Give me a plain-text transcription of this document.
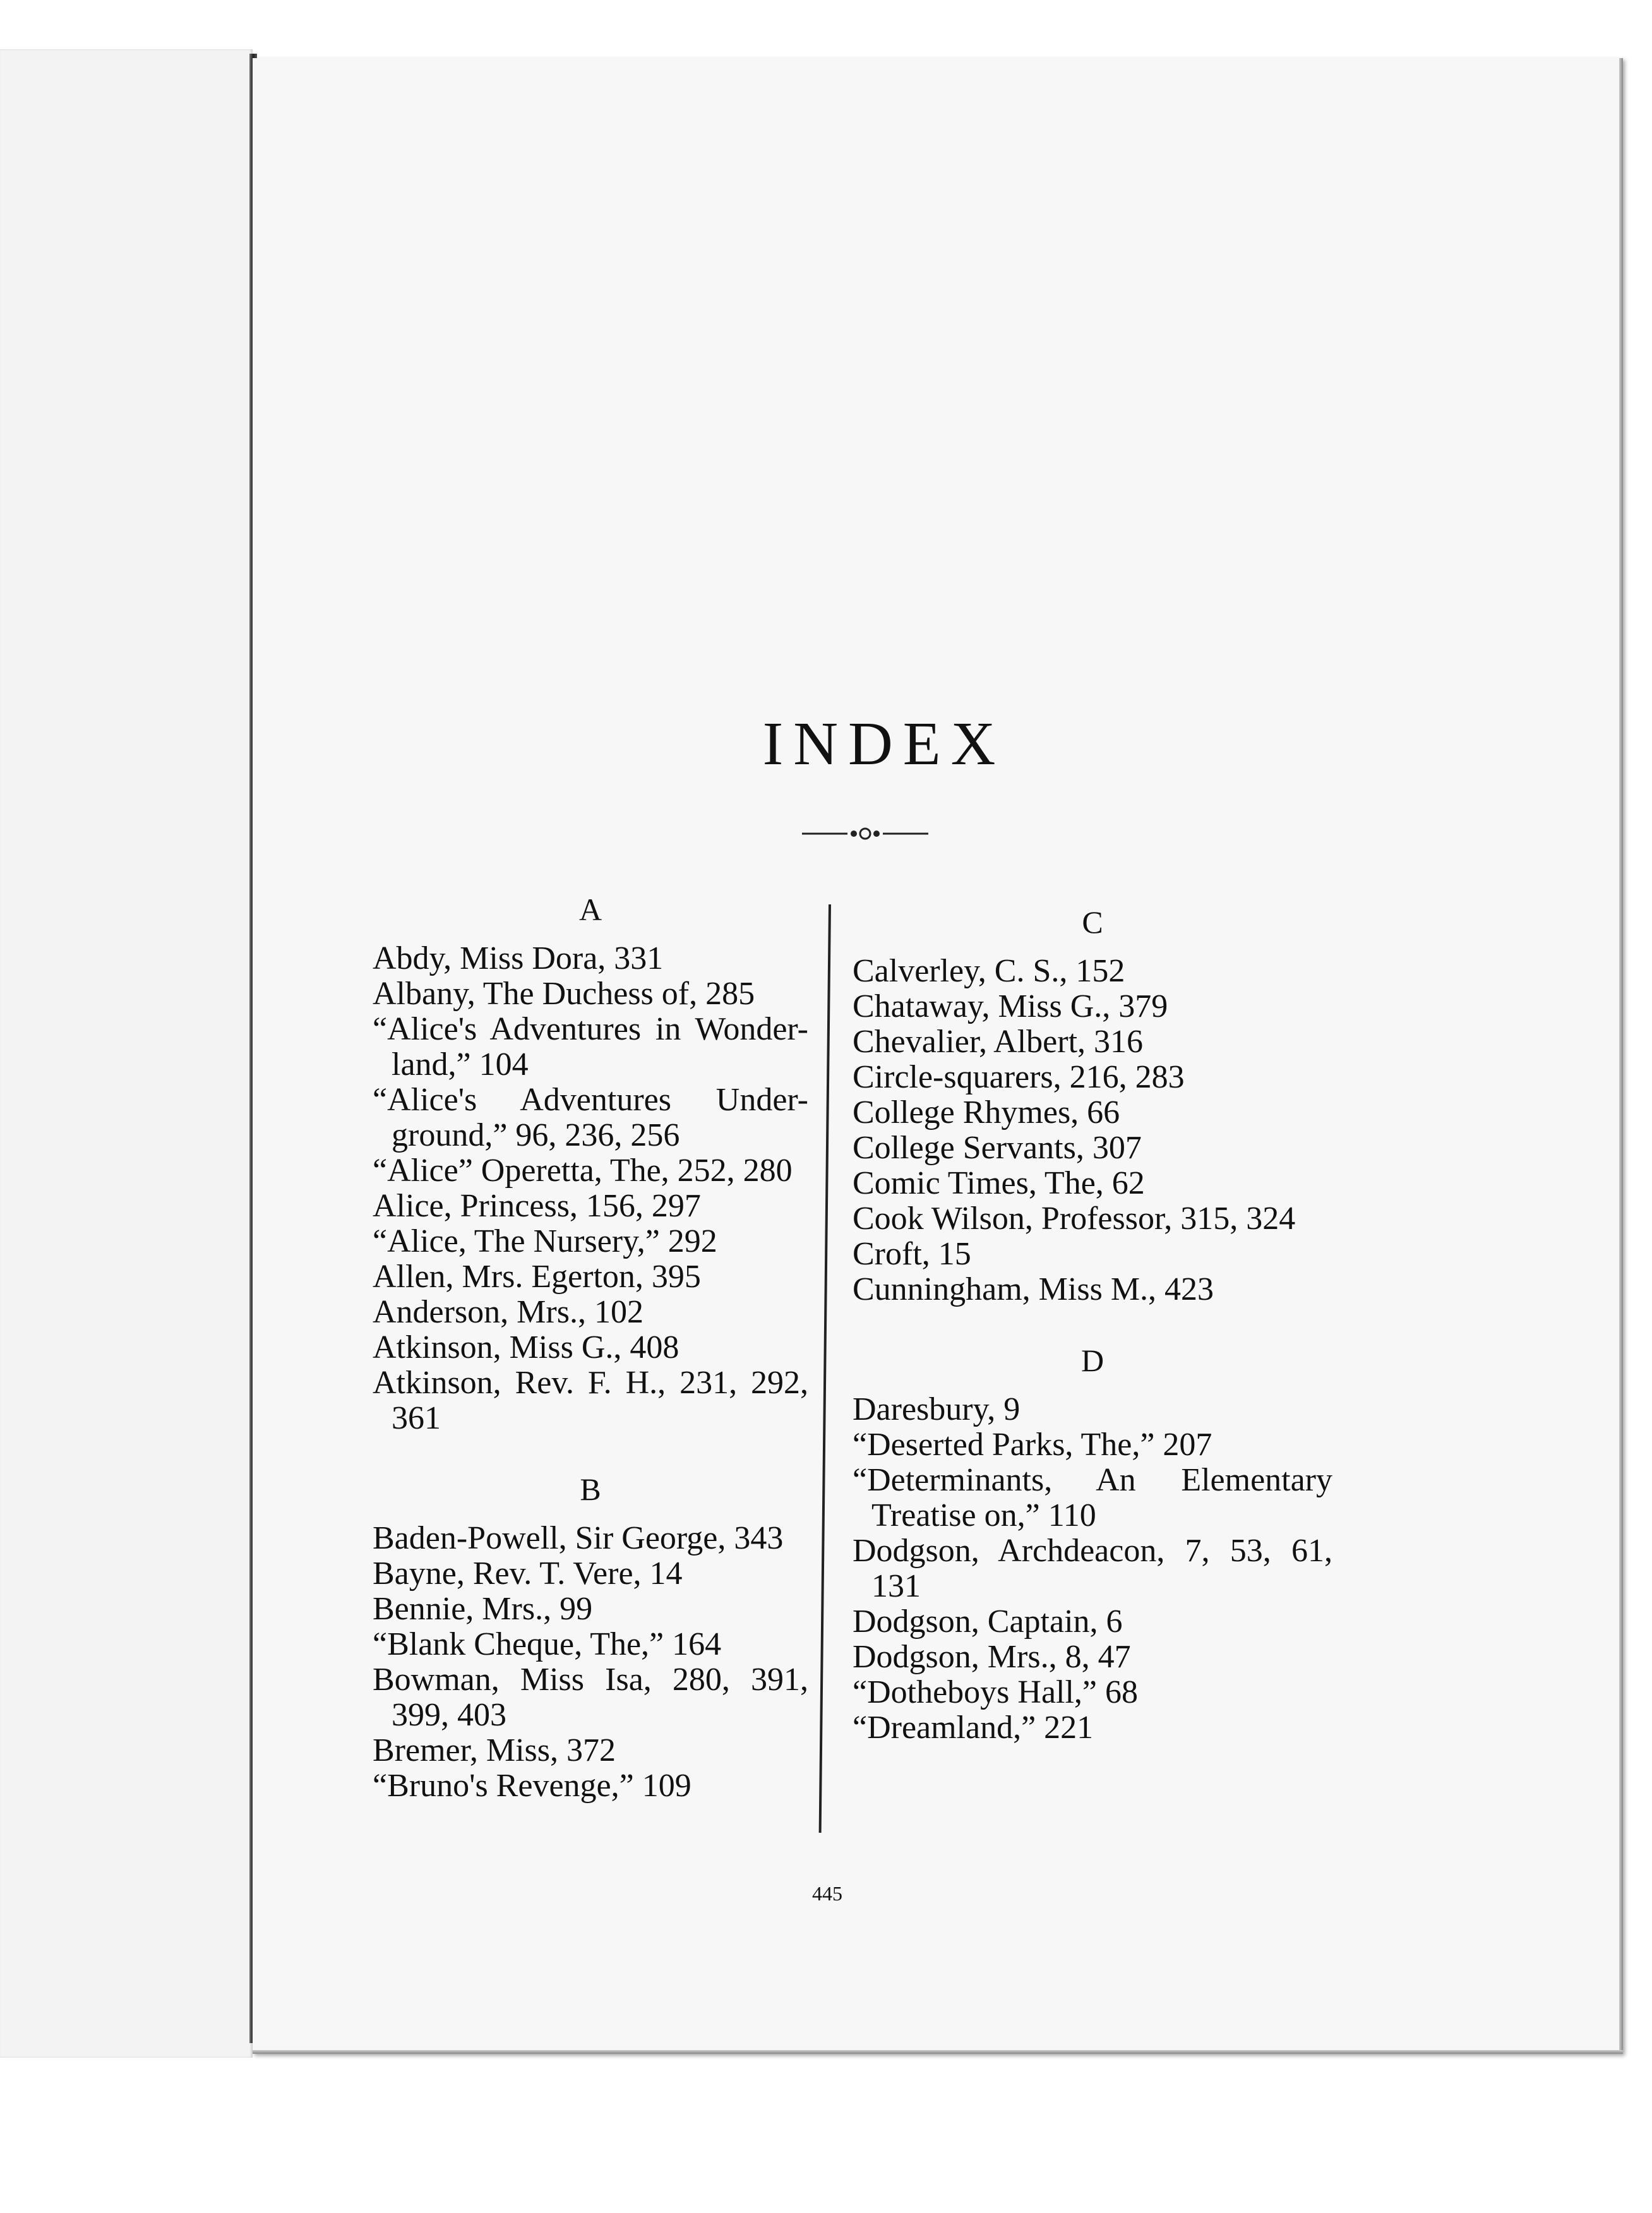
INDEX

A

Abdy, Miss Dora, 331

Albany, The Duchess of, 285

“Alice's Adventures in Wonder-land,” 104

“Alice's Adventures Under-ground,” 96, 236, 256

“Alice” Operetta, The, 252, 280

Alice, Princess, 156, 297

“Alice, The Nursery,” 292

Allen, Mrs. Egerton, 395

Anderson, Mrs., 102

Atkinson, Miss G., 408

Atkinson, Rev. F. H., 231, 292, 361

B

Baden-Powell, Sir George, 343

Bayne, Rev. T. Vere, 14

Bennie, Mrs., 99

“Blank Cheque, The,” 164

Bowman, Miss Isa, 280, 391, 399, 403

Bremer, Miss, 372

“Bruno's Revenge,” 109

C

Calverley, C. S., 152

Chataway, Miss G., 379

Chevalier, Albert, 316

Circle-squarers, 216, 283

College Rhymes, 66

College Servants, 307

Comic Times, The, 62

Cook Wilson, Professor, 315, 324

Croft, 15

Cunningham, Miss M., 423

D

Daresbury, 9

“Deserted Parks, The,” 207

“Determinants, An Elementary Treatise on,” 110

Dodgson, Archdeacon, 7, 53, 61, 131

Dodgson, Captain, 6

Dodgson, Mrs., 8, 47

“Dotheboys Hall,” 68

“Dreamland,” 221

445
